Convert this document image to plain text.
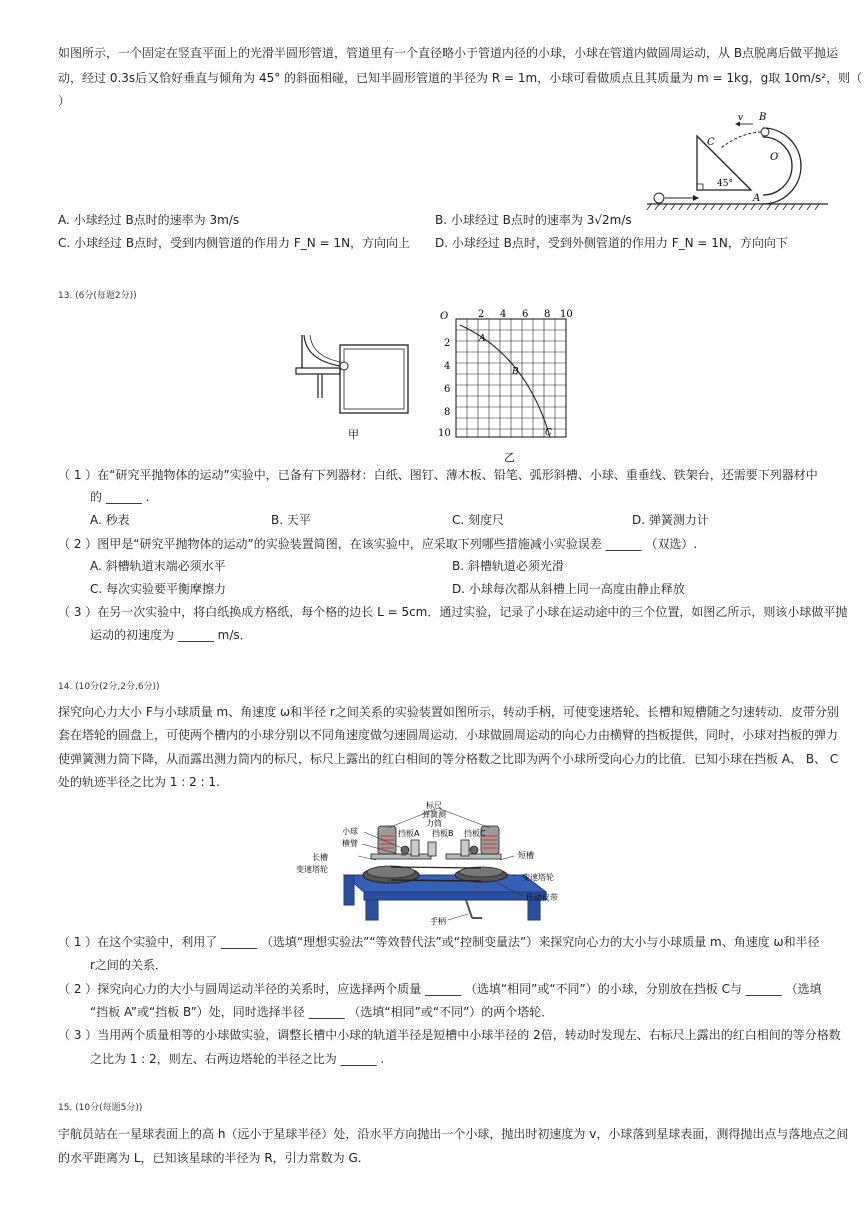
如图所示，一个固定在竖直平面上的光滑半圆形管道，管道里有一个直径略小于管道内径的小球，小球在管道内做圆周运动，从 B点脱离后做平抛运
动，经过 0.3s后又恰好垂直与倾角为 45° 的斜面相碰，已知半圆形管道的半径为 R = 1m，小球可看做质点且其质量为 m = 1kg，g取 10m/s²，则（
）
45°
v B
C
O
A
A. 小球经过 B点时的速率为 3m/s	B. 小球经过 B点时的速率为 3√2m/s
C. 小球经过 B点时，受到内侧管道的作用力 F_N = 1N，方向向上 D. 小球经过 B点时，受到外侧管道的作用力 F_N = 1N，方向向下
13. (6分(每题2分))
甲
O	2 4 6 8 10
2
4
6
8
10
A
B
C
乙
（ 1 ）在“研究平抛物体的运动”实验中，已备有下列器材：白纸、图钉、薄木板、铅笔、弧形斜槽、小球、重垂线、铁架台，还需要下列器材中
的 ______ .
A. 秒表	B. 天平	C. 刻度尺	D. 弹簧测力计
（ 2 ）图甲是“研究平抛物体的运动”的实验装置简图，在该实验中，应采取下列哪些措施减小实验误差 ______ （双选）.
A. 斜槽轨道末端必须水平	B. 斜槽轨道必须光滑
C. 每次实验要平衡摩擦力	D. 小球每次都从斜槽上同一高度由静止释放
（ 3 ）在另一次实验中，将白纸换成方格纸，每个格的边长 L = 5cm．通过实验，记录了小球在运动途中的三个位置，如图乙所示，则该小球做平抛
运动的初速度为 ______ m/s．
14. (10分(2分,2分,6分))
探究向心力大小 F与小球质量 m、角速度 ω和半径 r之间关系的实验装置如图所示，转动手柄，可使变速塔轮、长槽和短槽随之匀速转动．皮带分别
套在塔轮的圆盘上，可使两个槽内的小球分别以不同角速度做匀速圆周运动．小球做圆周运动的向心力由横臂的挡板提供，同时，小球对挡板的弹力
使弹簧测力筒下降，从而露出测力筒内的标尺，标尺上露出的红白相间的等分格数之比即为两个小球所受向心力的比值．已知小球在挡板 A、 B、 C
处的轨迹半径之比为 1 : 2 : 1.
标尺
弹簧测
力筒
小球
横臂
挡板A 挡板B 挡板C
长槽	短槽
变速塔轮
变速塔轮
传动皮带
手柄
（ 1 ）在这个实验中，利用了 ______ （选填“理想实验法”“等效替代法”或“控制变量法”）来探究向心力的大小与小球质量 m、角速度 ω和半径
r之间的关系．
（ 2 ）探究向心力的大小与圆周运动半径的关系时，应选择两个质量 ______ （选填“相同”或“不同”）的小球，分别放在挡板 C与 ______ （选填
“挡板 A”或“挡板 B”）处，同时选择半径 ______ （选填“相同”或“不同”）的两个塔轮．
（ 3 ）当用两个质量相等的小球做实验，调整长槽中小球的轨道半径是短槽中小球半径的 2倍，转动时发现左、右标尺上露出的红白相间的等分格数
之比为 1 : 2，则左、右两边塔轮的半径之比为 ______ .
15. (10分(每题5分))
宇航员站在一星球表面上的高 h（远小于星球半径）处，沿水平方向抛出一个小球，抛出时初速度为 v，小球落到星球表面，测得抛出点与落地点之间
的水平距离为 L，已知该星球的半径为 R，引力常数为 G.
